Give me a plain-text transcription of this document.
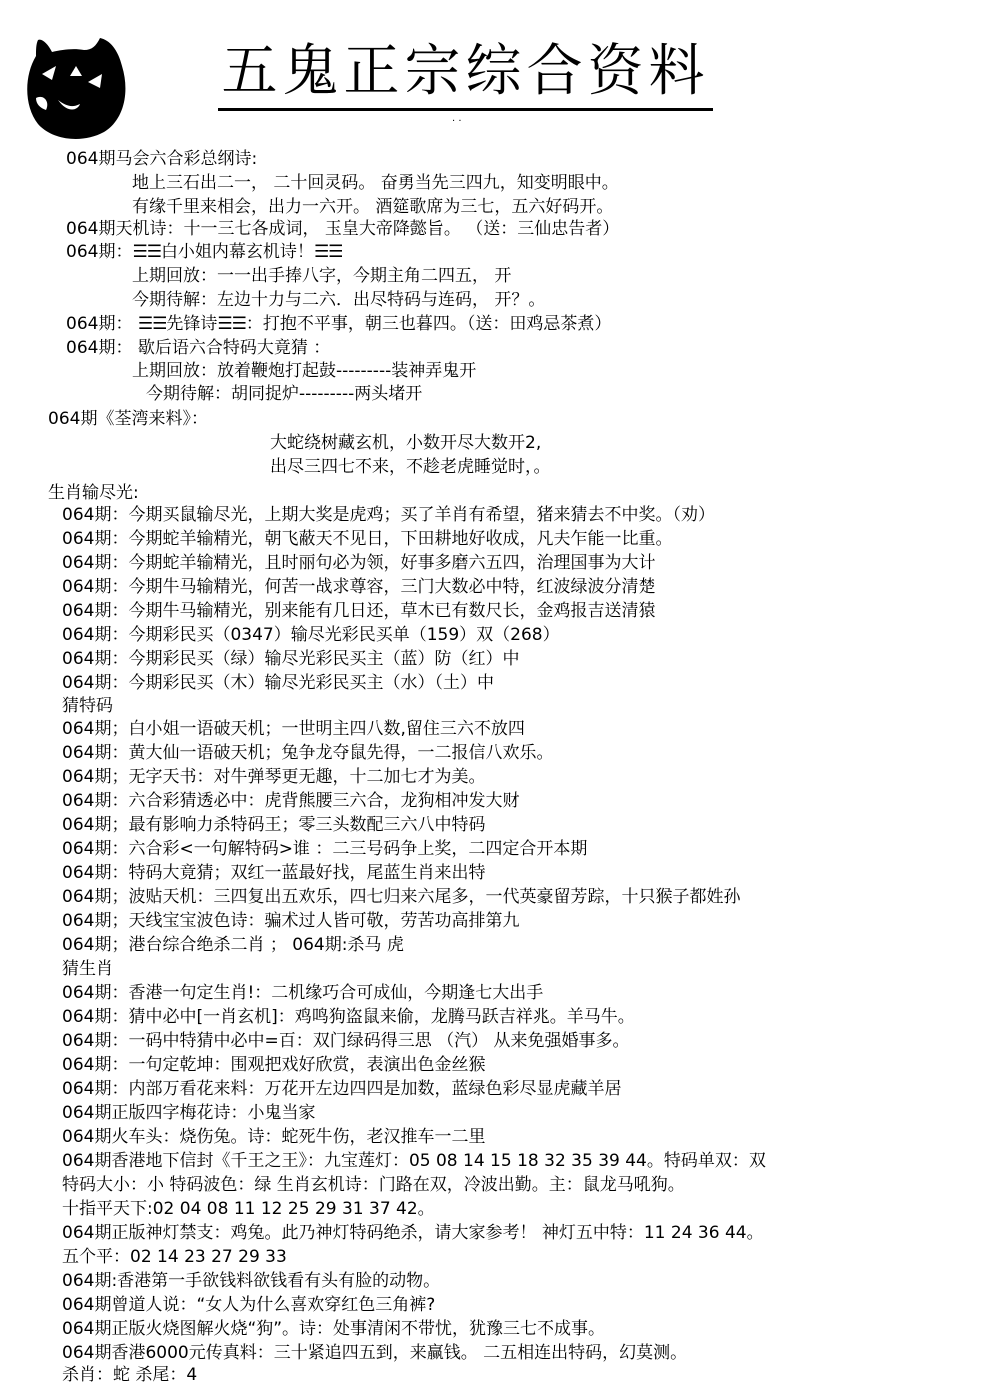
五鬼正宗综合资料
· ·
064期马会六合彩总纲诗:
地上三石出二一， 二十回灵码。 奋勇当先三四九，知变明眼中。
有缘千里来相会，出力一六开。 酒筵歌席为三七，五六好码开。
064期天机诗：十一三七各成词， 玉皇大帝降懿旨。 （送：三仙忠告者）
064期：☰☰白小姐内幕玄机诗！☰☰
上期回放：一一出手捧八字，今期主角二四五， 开
今期待解：左边十力与二六．出尽特码与连码， 开？。
064期： ☰☰先锋诗☰☰：打抱不平事，朝三也暮四。（送：田鸡忌茶煮）
064期： 歇后语六合特码大竟猜 ：
上期回放：放着鞭炮打起鼓---------装神弄鬼开
今期待解：胡同捉炉---------两头堵开
064期《荃湾来料》：
大蛇绕树藏玄机，小数开尽大数开2,
出尽三四七不来，不趁老虎睡觉时，。
生肖输尽光:
064期：今期买鼠输尽光，上期大奖是虎鸡；买了羊肖有希望，猪来猜去不中奖。（劝）
064期：今期蛇羊输精光，朝飞蔽天不见日，下田耕地好收成，凡夫乍能一比重。
064期：今期蛇羊输精光，且时丽句必为领，好事多磨六五四，治理国事为大计
064期：今期牛马输精光，何苦一战求尊容，三门大数必中特，红波绿波分清楚
064期：今期牛马输精光，别来能有几日还，草木已有数尺长，金鸡报吉送清猿
064期：今期彩民买（0347）输尽光彩民买单（159）双（268）
064期：今期彩民买（绿）输尽光彩民买主（蓝）防（红）中
064期：今期彩民买（木）输尽光彩民买主（水）（土）中
猜特码
064期；白小姐一语破天机；一世明主四八数,留住三六不放四
064期：黄大仙一语破天机；兔争龙夺鼠先得，一二报信八欢乐。
064期；无字天书：对牛弹琴更无趣，十二加七才为美。
064期：六合彩猜透必中：虎背熊腰三六合，龙狗相冲发大财
064期；最有影响力杀特码王；零三头数配三六八中特码
064期：六合彩<一句解特码>谁 ：二三号码争上奖，二四定合开本期
064期：特码大竟猜；双红一蓝最好找，尾蓝生肖来出特
064期；波贴天机：三四复出五欢乐，四七归来六尾多，一代英豪留芳踪，十只猴子都姓孙
064期；天线宝宝波色诗：骗术过人皆可敬，劳苦功高排第九
064期；港台综合绝杀二肖 ； 064期:杀马 虎
猜生肖
064期：香港一句定生肖!：二机缘巧合可成仙，今期逢七大出手
064期：猜中必中[一肖玄机]：鸡鸣狗盗鼠来偷，龙腾马跃吉祥兆。羊马牛。
064期：一码中特猜中必中=百：双门绿码得三思 （汽） 从来免强婚事多。
064期：一句定乾坤：围观把戏好欣赏，表演出色金丝猴
064期：内部万看花来料：万花开左边四四是加数，蓝绿色彩尽显虎藏羊居
064期正版四字梅花诗：小鬼当家
064期火车头：烧伤兔。诗：蛇死牛伤，老汉推车一二里
064期香港地下信封《千王之王》：九宝莲灯：05 08 14 15 18 32 35 39 44。特码单双：双
特码大小：小 特码波色：绿 生肖玄机诗：门路在双，冷波出勤。主：鼠龙马吼狗。
十指平天下:02 04 08 11 12 25 29 31 37 42。
064期正版神灯禁支：鸡兔。此乃神灯特码绝杀，请大家参考！ 神灯五中特：11 24 36 44。
五个平：02 14 23 27 29 33
064期:香港第一手欲钱料欲钱看有头有脸的动物。
064期曾道人说：“女人为什么喜欢穿红色三角裤?
064期正版火烧图解火烧“狗”。诗：处事清闲不带忧，犹豫三七不成事。
064期香港6000元传真料：三十紧追四五到，来赢钱。 二五相连出特码，幻莫测。
杀肖：蛇 杀尾：4
